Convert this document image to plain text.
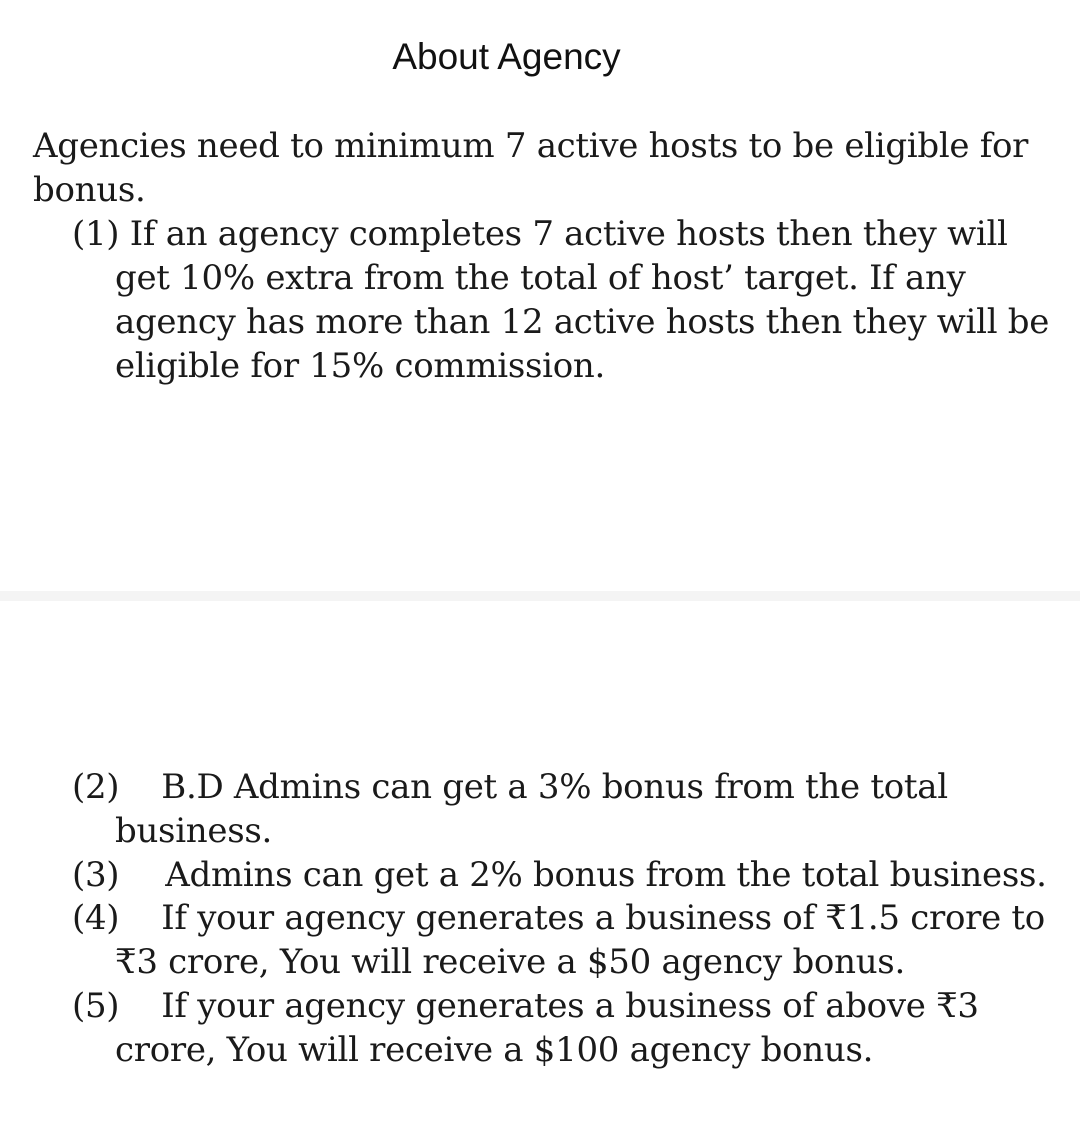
About Agency
Agencies need to minimum 7 active hosts to be eligible for
bonus.
(1) If an agency completes 7 active hosts then they will
get 10% extra from the total of host’ target. If any
agency has more than 12 active hosts then they will be
eligible for 15% commission.
(2) B.D Admins can get a 3% bonus from the total
business.
(3) Admins can get a 2% bonus from the total business.
(4) If your agency generates a business of ₹1.5 crore to
₹3 crore, You will receive a $50 agency bonus.
(5) If your agency generates a business of above ₹3
crore, You will receive a $100 agency bonus.
